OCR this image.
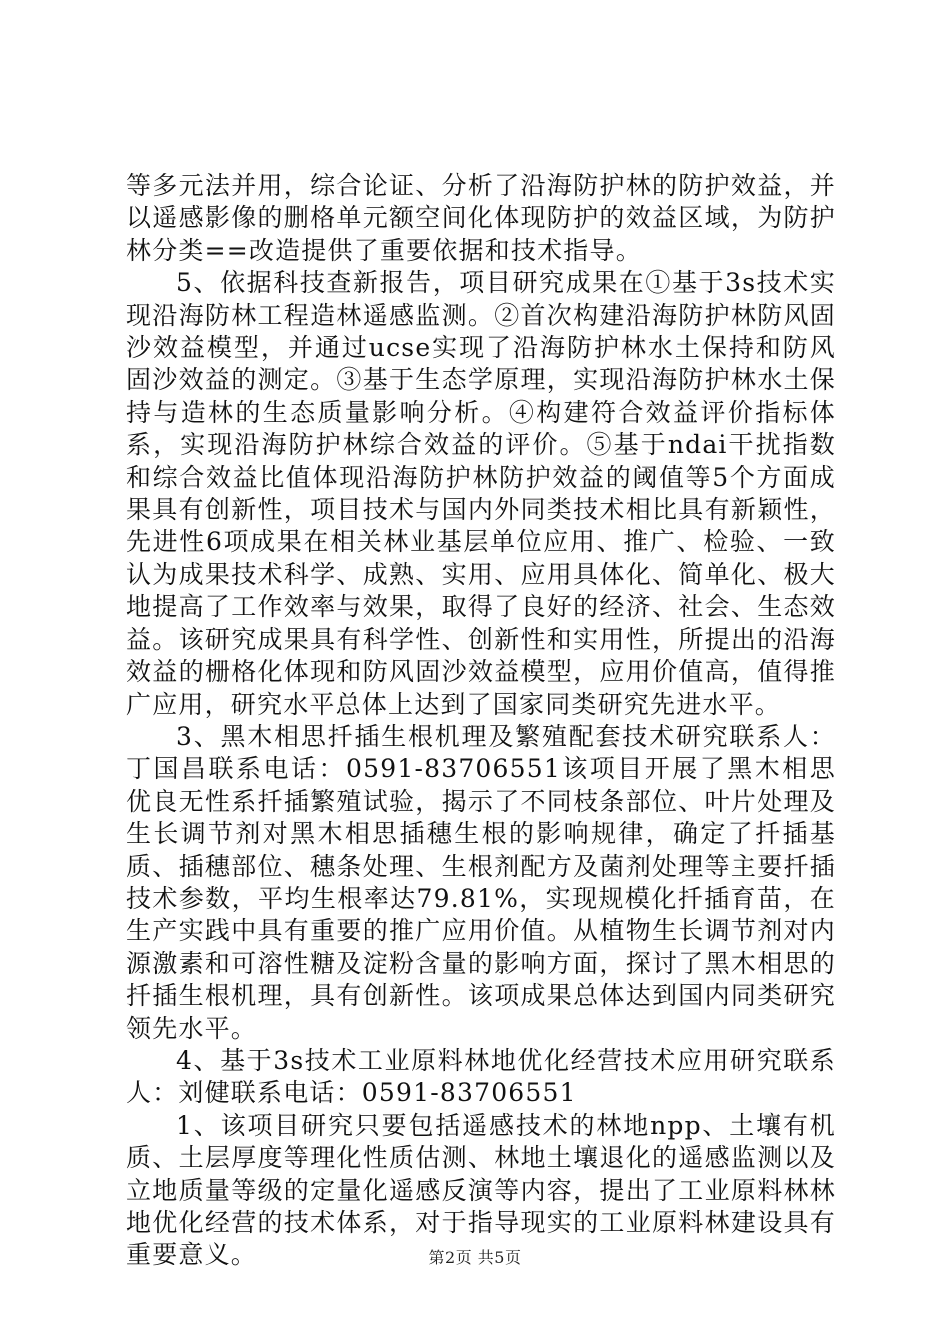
等多元法并用，综合论证、分析了沿海防护林的防护效益，并以遥感影像的删格单元额空间化体现防护的效益区域，为防护林分类==改造提供了重要依据和技术指导。

5、依据科技查新报告，项目研究成果在①基于3s技术实现沿海防林工程造林遥感监测。②首次构建沿海防护林防风固沙效益模型，并通过ucse实现了沿海防护林水土保持和防风固沙效益的测定。③基于生态学原理，实现沿海防护林水土保持与造林的生态质量影响分析。④构建符合效益评价指标体系，实现沿海防护林综合效益的评价。⑤基于ndai干扰指数和综合效益比值体现沿海防护林防护效益的阈值等5个方面成果具有创新性，项目技术与国内外同类技术相比具有新颖性，先进性6项成果在相关林业基层单位应用、推广、检验、一致认为成果技术科学、成熟、实用、应用具体化、简单化、极大地提高了工作效率与效果，取得了良好的经济、社会、生态效益。该研究成果具有科学性、创新性和实用性，所提出的沿海效益的栅格化体现和防风固沙效益模型，应用价值高，值得推广应用，研究水平总体上达到了国家同类研究先进水平。

3、黑木相思扦插生根机理及繁殖配套技术研究联系人：丁国昌联系电话：0591-83706551该项目开展了黑木相思优良无性系扦插繁殖试验，揭示了不同枝条部位、叶片处理及生长调节剂对黑木相思插穗生根的影响规律，确定了扦插基质、插穗部位、穗条处理、生根剂配方及菌剂处理等主要扦插技术参数，平均生根率达79.81%，实现规模化扦插育苗，在生产实践中具有重要的推广应用价值。从植物生长调节剂对内源激素和可溶性糖及淀粉含量的影响方面，探讨了黑木相思的扦插生根机理，具有创新性。该项成果总体达到国内同类研究领先水平。

4、基于3s技术工业原料林地优化经营技术应用研究联系人：刘健联系电话：0591-83706551

1、该项目研究只要包括遥感技术的林地npp、土壤有机质、土层厚度等理化性质估测、林地土壤退化的遥感监测以及立地质量等级的定量化遥感反演等内容，提出了工业原料林林地优化经营的技术体系，对于指导现实的工业原料林建设具有重要意义。	第2页 共5页
